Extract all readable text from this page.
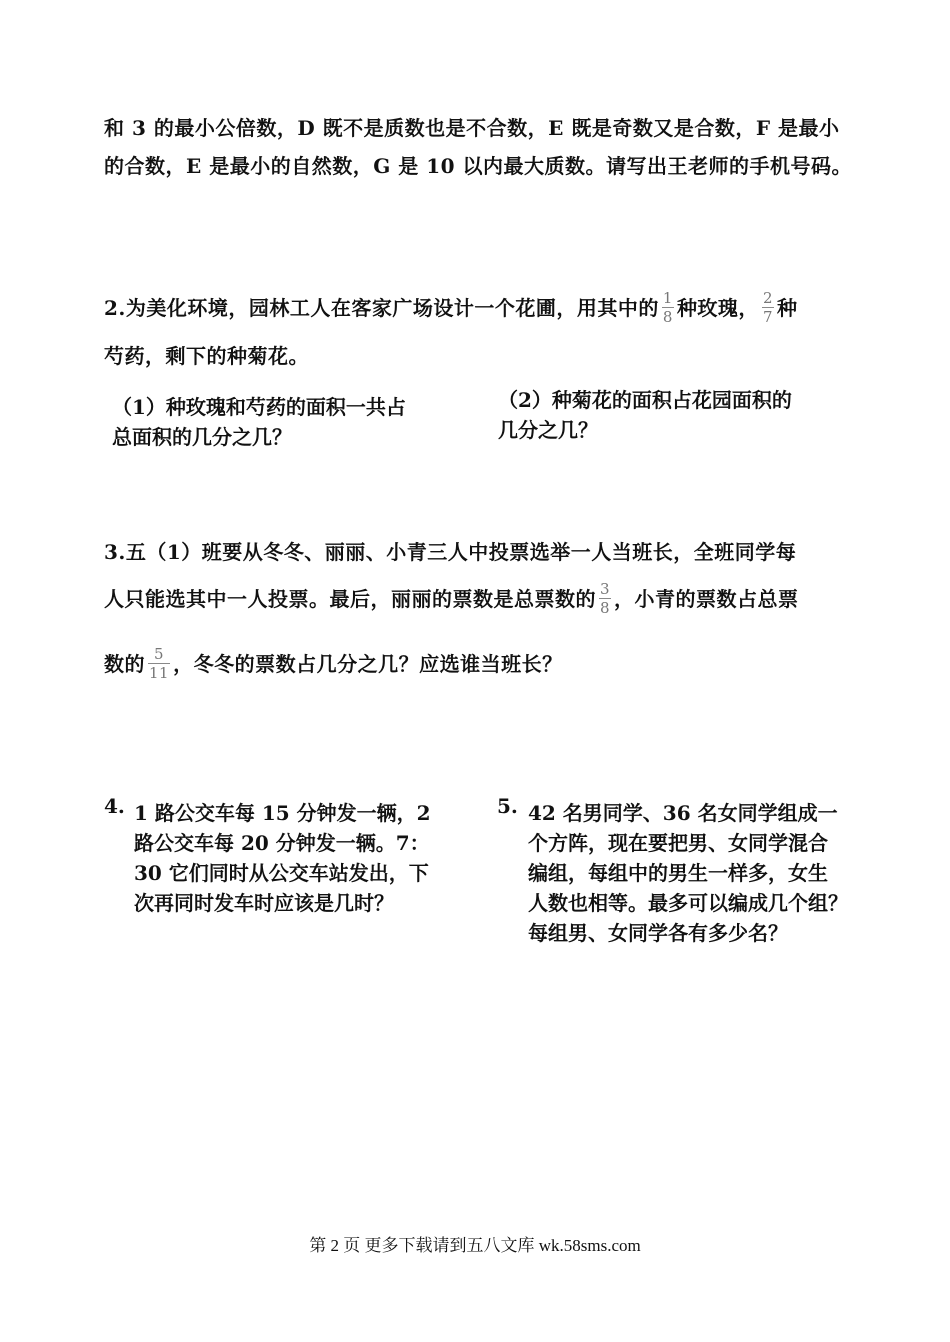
和 3 的最小公倍数，D 既不是质数也是不合数，E 既是奇数又是合数，F 是最小
的合数，E 是最小的自然数，G 是 10 以内最大质数。请写出王老师的手机号码。
2.为美化环境，园林工人在客家广场设计一个花圃，用其中的 $\frac{1}{8}$ 种玫瑰， $\frac{2}{7}$ 种
芍药，剩下的种菊花。
（1）种玫瑰和芍药的面积一共占
总面积的几分之几？
（2）种菊花的面积占花园面积的
几分之几？
3.五（1）班要从冬冬、丽丽、小青三人中投票选举一人当班长，全班同学每
人只能选其中一人投票。最后，丽丽的票数是总票数的 $\frac{3}{8}$ ，小青的票数占总票
数的 $\frac{5}{11}$ ，冬冬的票数占几分之几？应选谁当班长？
4. 1 路公交车每 15 分钟发一辆，2
路公交车每 20 分钟发一辆。7：
30 它们同时从公交车站发出，下
次再同时发车时应该是几时？
5. 42 名男同学、36 名女同学组成一
个方阵，现在要把男、女同学混合
编组，每组中的男生一样多，女生
人数也相等。最多可以编成几个组？
每组男、女同学各有多少名？
第 2 页 更多下载请到五八文库 wk.58sms.com
